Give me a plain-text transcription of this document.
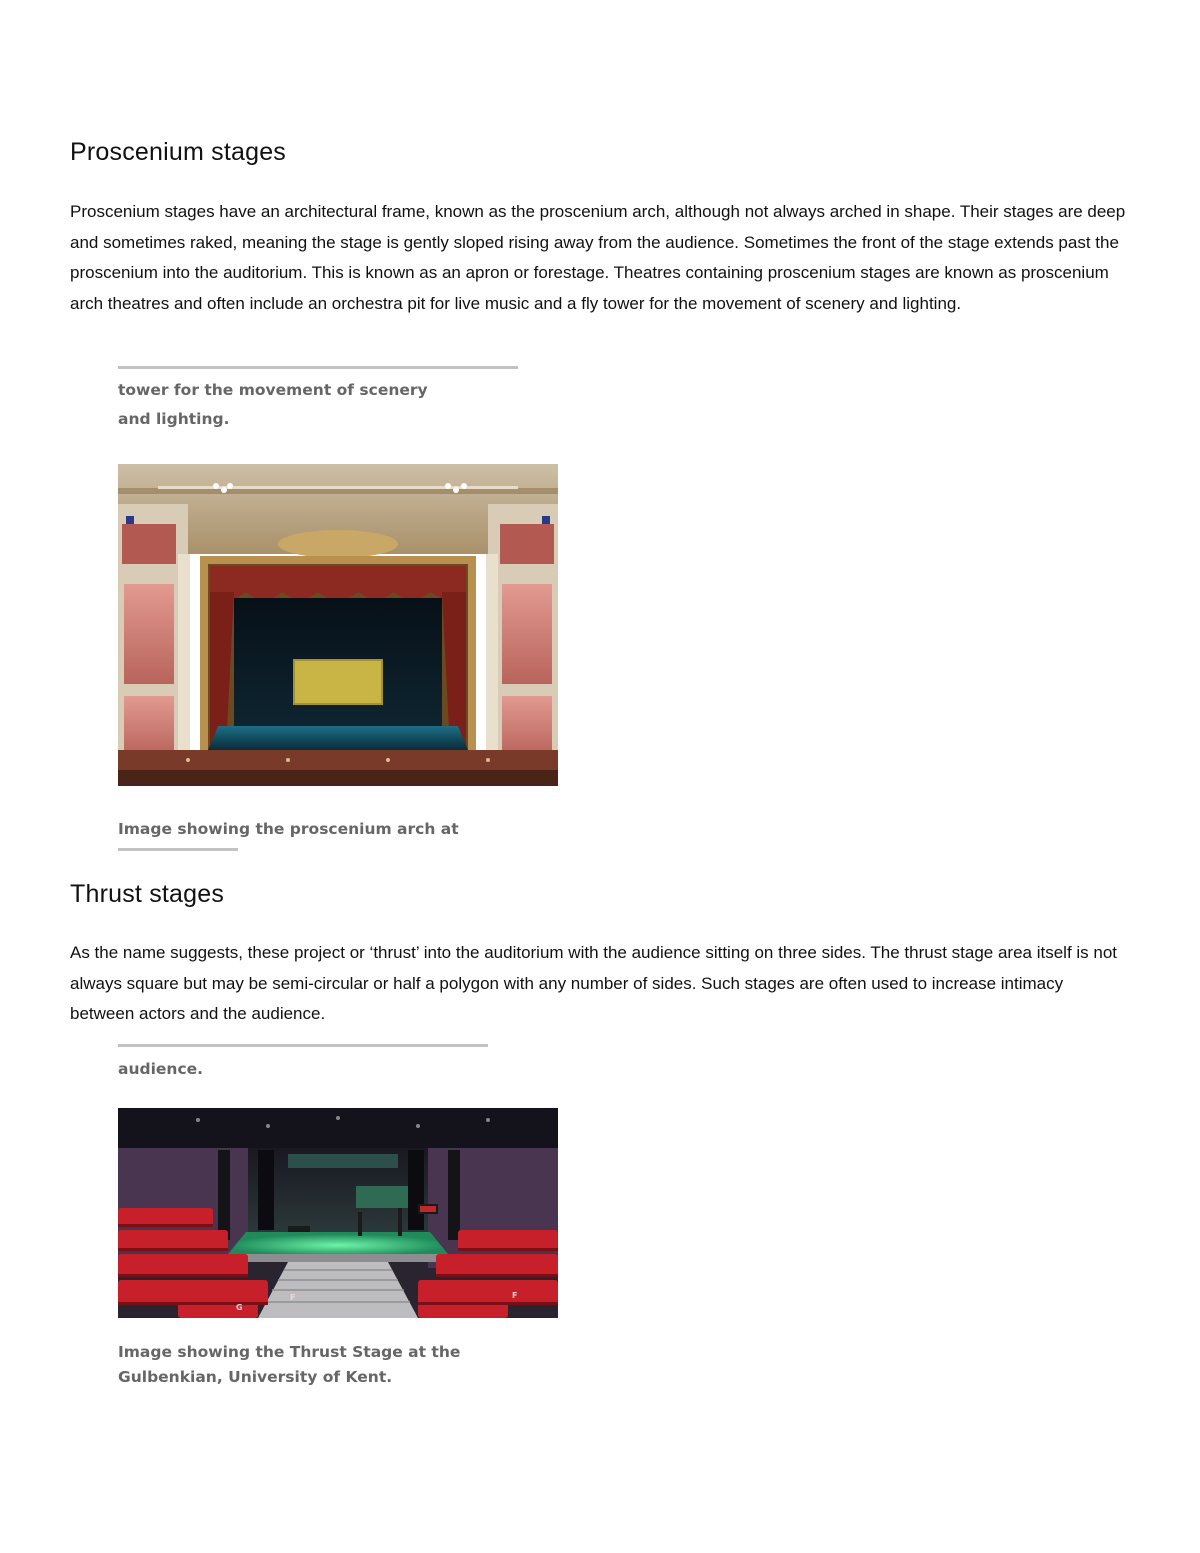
Proscenium stages

Proscenium stages have an architectural frame, known as the proscenium arch, although not always arched in shape. Their stages are deep and sometimes raked, meaning the stage is gently sloped rising away from the audience. Sometimes the front of the stage extends past the proscenium into the auditorium. This is known as an apron or forestage. Theatres containing proscenium stages are known as proscenium arch theatres and often include an orchestra pit for live music and a fly tower for the movement of scenery and lighting.

tower for the movement of scenery
and lighting.
Image showing the proscenium arch at
Thrust stages

As the name suggests, these project or ‘thrust’ into the auditorium with the audience sitting on three sides. The thrust stage area itself is not always square but may be semi-circular or half a polygon with any number of sides. Such stages are often used to increase intimacy between actors and the audience.

audience.
G
F	F
Image showing the Thrust Stage at the
Gulbenkian, University of Kent.
